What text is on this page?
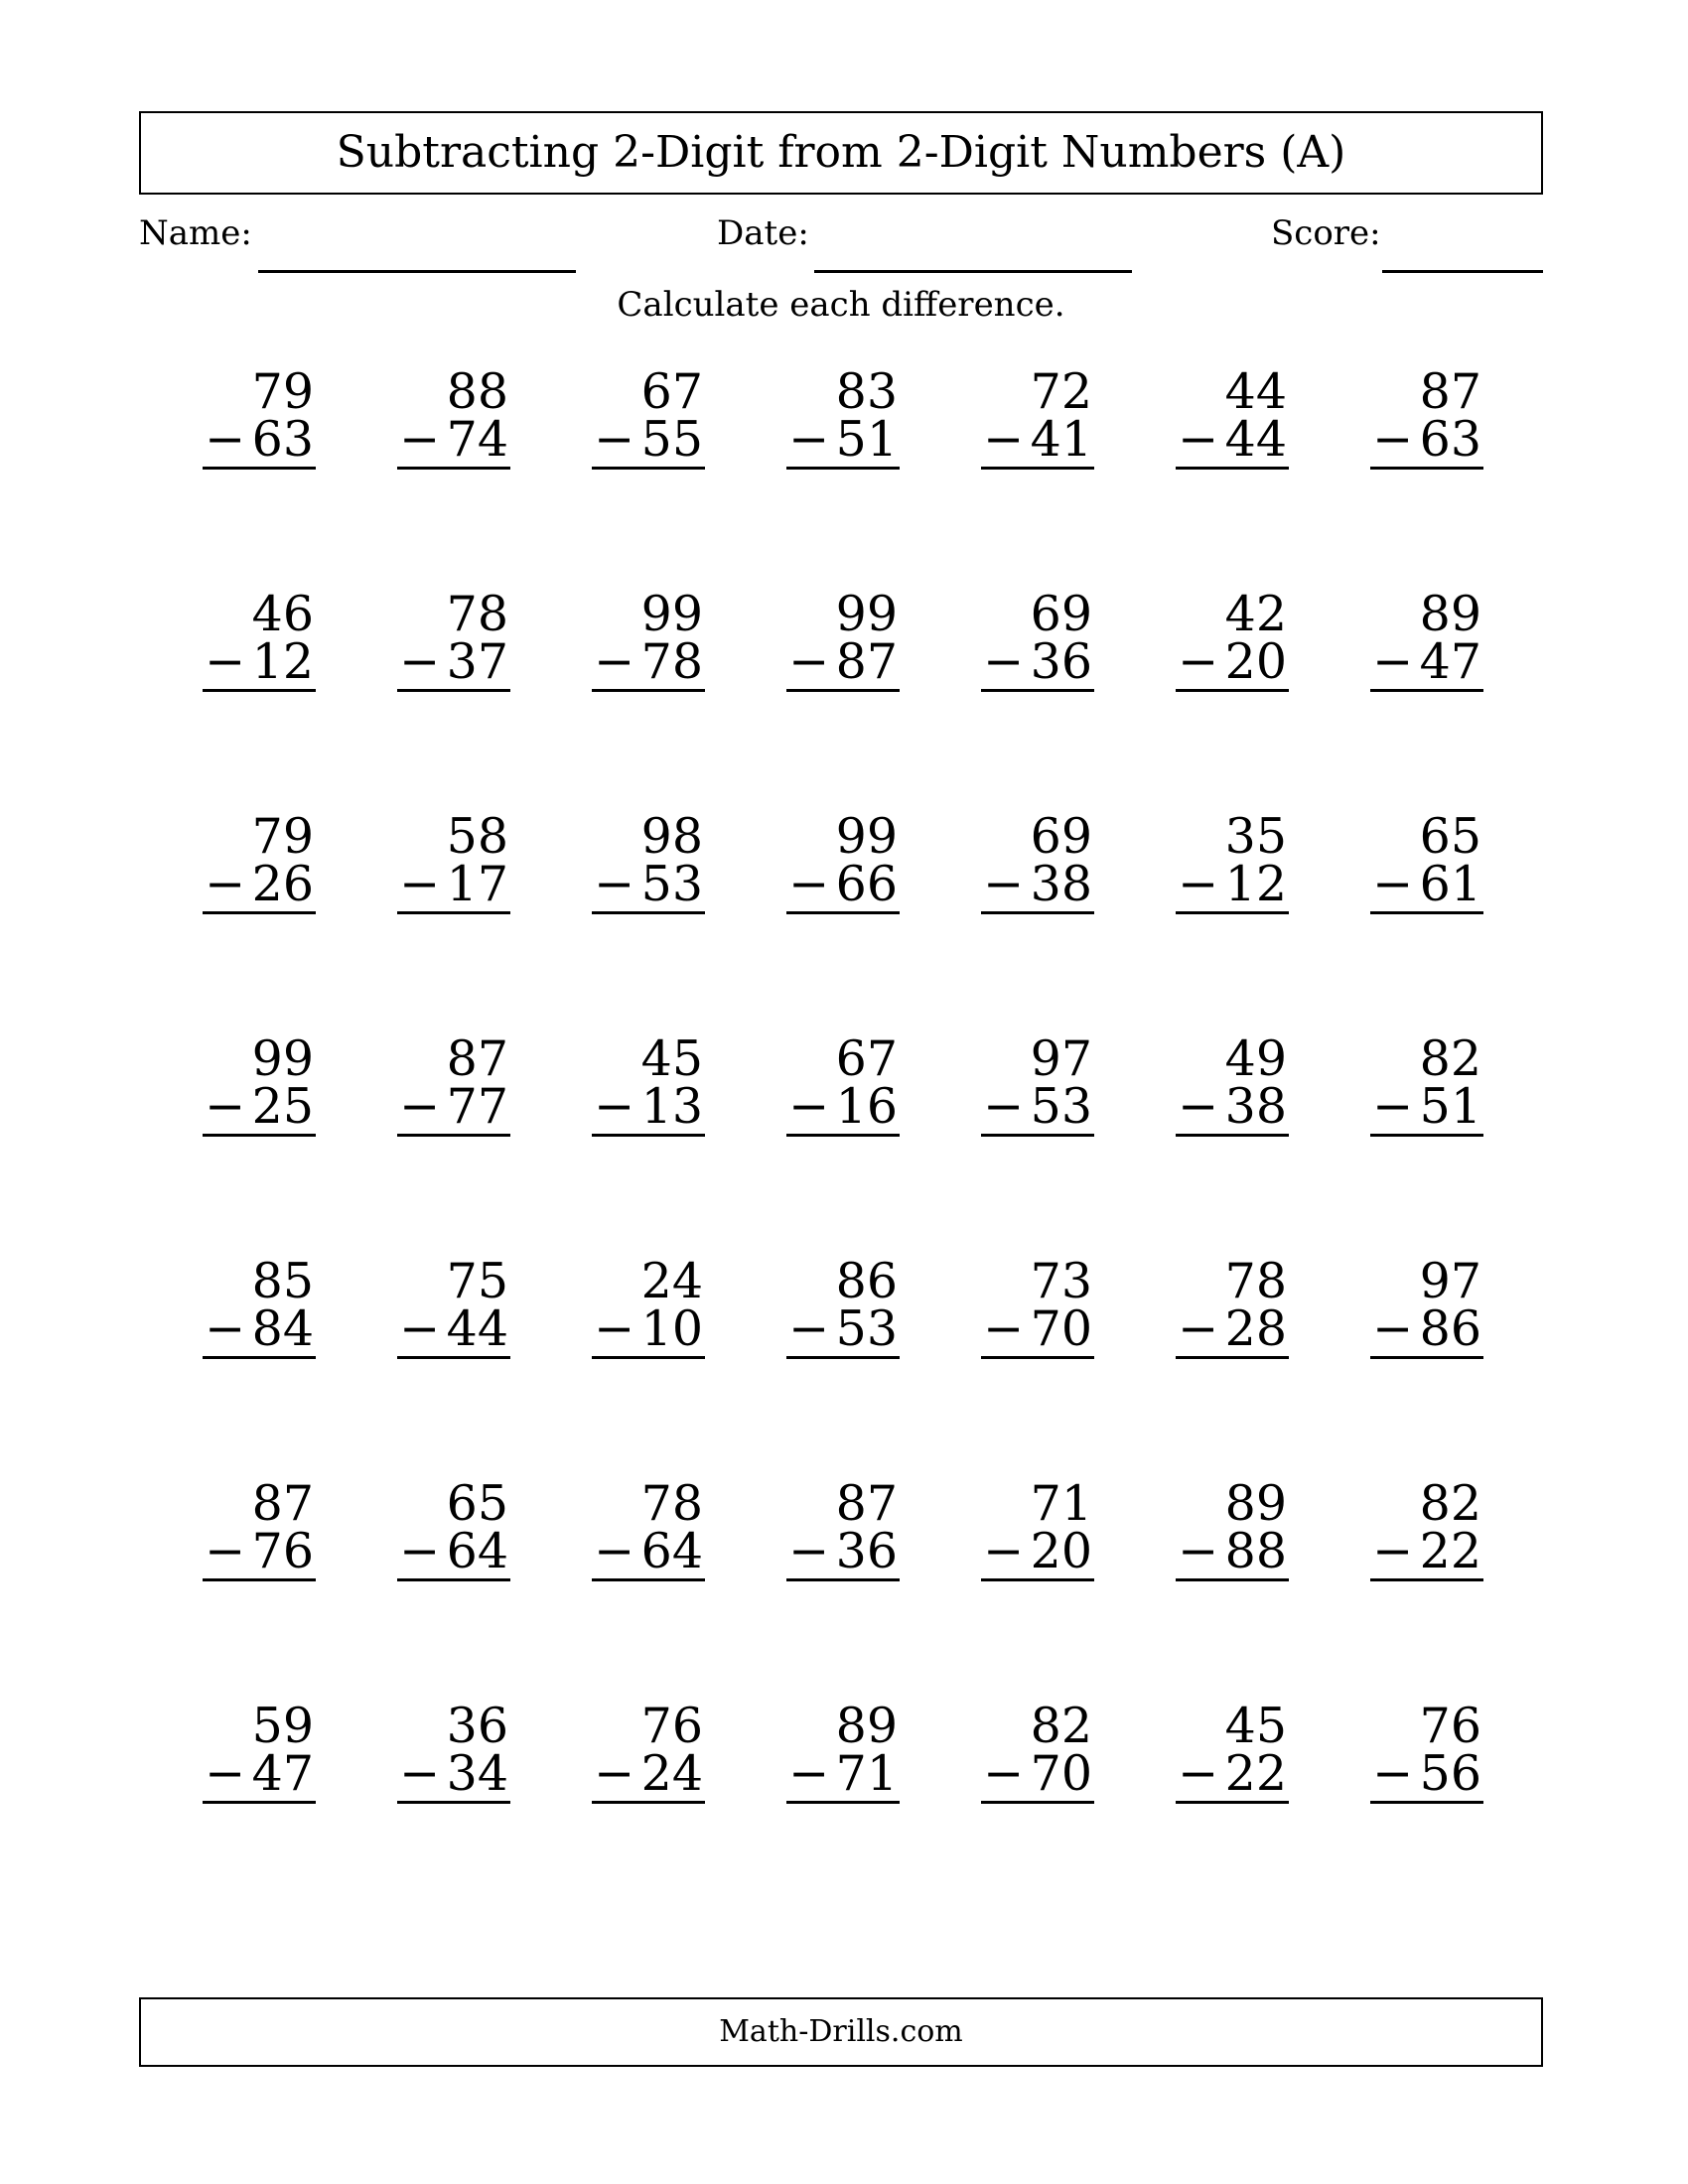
Subtracting 2-Digit from 2-Digit Numbers (A)
Name:	Date:	Score:
Calculate each difference.
79
− 63
88
− 74
67
− 55
83
− 51
72
− 41
44
− 44
87
− 63
46
− 12
78
− 37
99
− 78
99
− 87
69
− 36
42
− 20
89
− 47
79
− 26
58
− 17
98
− 53
99
− 66
69
− 38
35
− 12
65
− 61
99
− 25
87
− 77
45
− 13
67
− 16
97
− 53
49
− 38
82
− 51
85
− 84
75
− 44
24
− 10
86
− 53
73
− 70
78
− 28
97
− 86
87
− 76
65
− 64
78
− 64
87
− 36
71
− 20
89
− 88
82
− 22
59
− 47
36
− 34
76
− 24
89
− 71
82
− 70
45
− 22
76
− 56
Math-Drills.com
